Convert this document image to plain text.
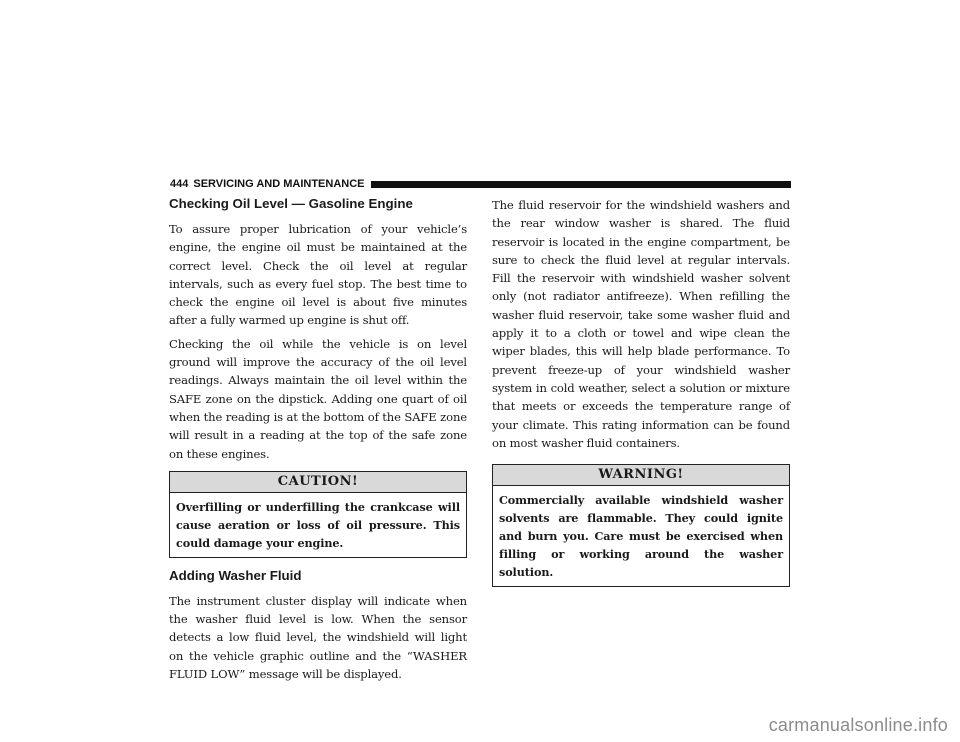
444 SERVICING AND MAINTENANCE
Checking Oil Level — Gasoline Engine

To assure proper lubrication of your vehicle’s engine, the engine oil must be maintained at the correct level. Check the oil level at regular intervals, such as every fuel stop. The best time to check the engine oil level is about five minutes after a fully warmed up engine is shut off.

Checking the oil while the vehicle is on level ground will improve the accuracy of the oil level readings. Always maintain the oil level within the SAFE zone on the dipstick. Adding one quart of oil when the reading is at the bottom of the SAFE zone will result in a reading at the top of the safe zone on these engines.

CAUTION!

Overfilling or underfilling the crankcase will cause aeration or loss of oil pressure. This could damage your engine.

Adding Washer Fluid

The instrument cluster display will indicate when the washer fluid level is low. When the sensor detects a low fluid level, the windshield will light on the vehicle graphic outline and the “WASHER FLUID LOW” message will be displayed.

The fluid reservoir for the windshield washers and the rear window washer is shared. The fluid reservoir is located in the engine compartment, be sure to check the fluid level at regular intervals. Fill the reservoir with windshield washer solvent only (not radiator antifreeze). When refilling the washer fluid reservoir, take some washer fluid and apply it to a cloth or towel and wipe clean the wiper blades, this will help blade performance. To prevent freeze-up of your windshield washer system in cold weather, select a solution or mixture that meets or exceeds the temperature range of your climate. This rating information can be found on most washer fluid containers.

WARNING!

Commercially available windshield washer solvents are flammable. They could ignite and burn you. Care must be exercised when filling or working around the washer solution.

carmanualsonline.info
